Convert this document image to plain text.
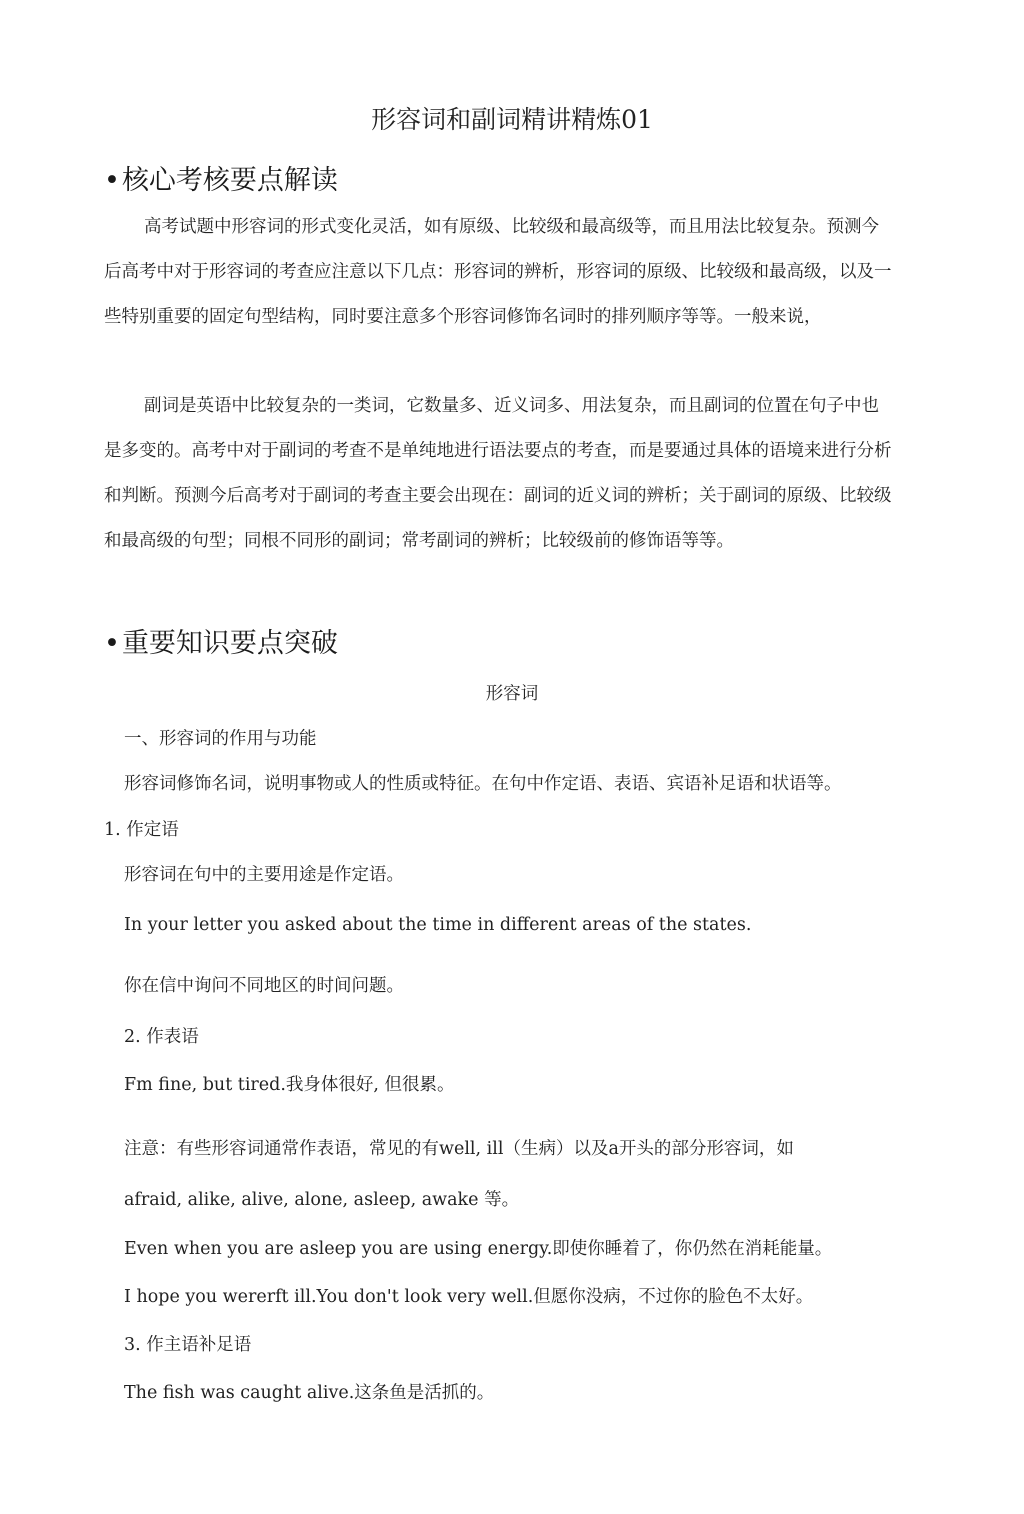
形容词和副词精讲精炼01
•核心考核要点解读

高考试题中形容词的形式变化灵活，如有原级、比较级和最高级等，而且用法比较复杂。预测今后高考中对于形容词的考查应注意以下几点：形容词的辨析，形容词的原级、比较级和最高级，以及一些特别重要的固定句型结构，同时要注意多个形容词修饰名词时的排列顺序等等。一般来说，

副词是英语中比较复杂的一类词，它数量多、近义词多、用法复杂，而且副词的位置在句子中也是多变的。高考中对于副词的考查不是单纯地进行语法要点的考查，而是要通过具体的语境来进行分析和判断。预测今后高考对于副词的考查主要会出现在：副词的近义词的辨析；关于副词的原级、比较级和最高级的句型；同根不同形的副词；常考副词的辨析；比较级前的修饰语等等。

•重要知识要点突破
形容词
一、形容词的作用与功能
形容词修饰名词，说明事物或人的性质或特征。在句中作定语、表语、宾语补足语和状语等。
1. 作定语
形容词在句中的主要用途是作定语。
In your letter you asked about the time in different areas of the states.
你在信中询问不同地区的时间问题。
2. 作表语
Fm fine, but tired.我身体很好, 但很累。
注意：有些形容词通常作表语，常见的有well, ill（生病）以及a开头的部分形容词，如
afraid, alike, alive, alone, asleep, awake 等。
Even when you are asleep you are using energy.即使你睡着了，你仍然在消耗能量。
I hope you wererft ill.You don't look very well.但愿你没病，不过你的脸色不太好。
3. 作主语补足语
The fish was caught alive.这条鱼是活抓的。
